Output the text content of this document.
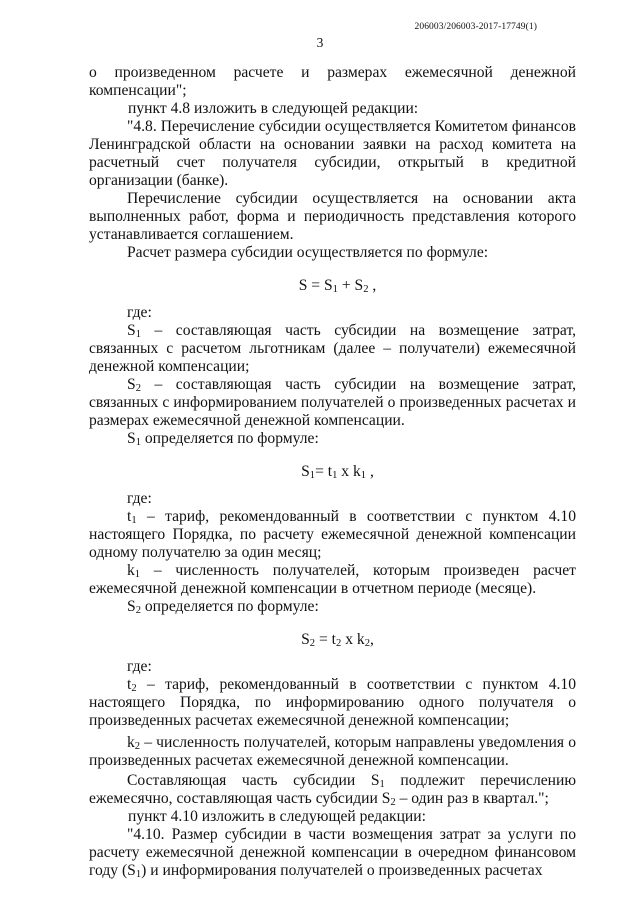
206003/206003-2017-17749(1)
3

о произведенном расчете и размерах ежемесячной денежной компенсации";

пункт 4.8 изложить в следующей редакции:

"4.8. Перечисление субсидии осуществляется Комитетом финансов Ленинградской области на основании заявки на расход комитета на расчетный счет получателя субсидии, открытый в кредитной организации (банке).

Перечисление субсидии осуществляется на основании акта выполненных работ, форма и периодичность представления которого устанавливается соглашением.

Расчет размера субсидии осуществляется по формуле:

$S = S_1 + S_2$ ,

где:

$S_1$ – составляющая часть субсидии на возмещение затрат, связанных с расчетом льготникам (далее – получатели) ежемесячной денежной компенсации;

$S_2$ – составляющая часть субсидии на возмещение затрат, связанных с информированием получателей о произведенных расчетах и размерах ежемесячной денежной компенсации.

$S_1$ определяется по формуле:

$S_1= t_1$ x $k_1$ ,

где:

$t_1$ – тариф, рекомендованный в соответствии с пунктом 4.10 настоящего Порядка, по расчету ежемесячной денежной компенсации одному получателю за один месяц;

$k_1$ – численность получателей, которым произведен расчет ежемесячной денежной компенсации в отчетном периоде (месяце).

$S_2$ определяется по формуле:

$S_2 = t_2$ x $k_2$,

где:

$t_2$ – тариф, рекомендованный в соответствии с пунктом 4.10 настоящего Порядка, по информированию одного получателя о произведенных расчетах ежемесячной денежной компенсации;

$k_2$ – численность получателей, которым направлены уведомления о произведенных расчетах ежемесячной денежной компенсации.

Составляющая часть субсидии $S_1$ подлежит перечислению ежемесячно, составляющая часть субсидии $S_2$ – один раз в квартал.";

пункт 4.10 изложить в следующей редакции:

"4.10. Размер субсидии в части возмещения затрат за услуги по расчету ежемесячной денежной компенсации в очередном финансовом году $(S_1)$ и информирования получателей о произведенных расчетах
